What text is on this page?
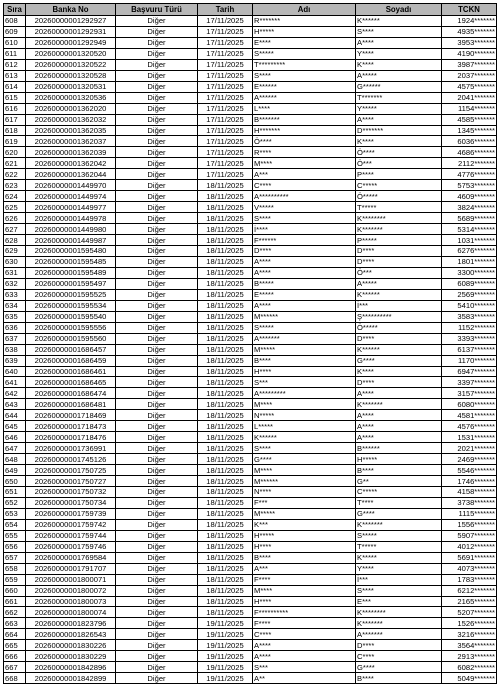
Sıra	Banka No	Başvuru Türü	Tarih	Adı	Soyadı	TCKN
608	20260000001292927	Diğer	17/11/2025	R*******	K******	1924*******
609	20260000001292931	Diğer	17/11/2025	H*****	S****	4935*******
610	20260000001292949	Diğer	17/11/2025	E****	A****	3953*******
611	20260000001320520	Diğer	17/11/2025	S*****	Y****	4190*******
612	20260000001320522	Diğer	17/11/2025	T*********	K****	3987*******
613	20260000001320528	Diğer	17/11/2025	S****	A*****	2037*******
614	20260000001320531	Diğer	17/11/2025	E******	G******	4575*******
615	20260000001320536	Diğer	17/11/2025	A******	T*******	2041*******
616	20260000001362020	Diğer	17/11/2025	L****	Y*****	1154*******
617	20260000001362032	Diğer	17/11/2025	B*******	A****	4585*******
618	20260000001362035	Diğer	17/11/2025	H*******	D*******	1345*******
619	20260000001362037	Diğer	17/11/2025	Ö****	K****	6036*******
620	20260000001362039	Diğer	17/11/2025	R****	Ö****	4686*******
621	20260000001362042	Diğer	17/11/2025	M****	Ö***	2112*******
622	20260000001362044	Diğer	17/11/2025	A***	P****	4776*******
623	20260000001449970	Diğer	18/11/2025	C****	C*****	5753*******
624	20260000001449974	Diğer	18/11/2025	A**********	Ö*****	4609*******
625	20260000001449977	Diğer	18/11/2025	V*****	T*****	3824*******
626	20260000001449978	Diğer	18/11/2025	S****	K********	5689*******
627	20260000001449980	Diğer	18/11/2025	İ****	K*******	5314*******
628	20260000001449987	Diğer	18/11/2025	F******	P*****	1031*******
629	20260000001595480	Diğer	18/11/2025	D****	D****	6276*******
630	20260000001595485	Diğer	18/11/2025	A****	D****	1801*******
631	20260000001595489	Diğer	18/11/2025	A****	Ö***	3300*******
632	20260000001595497	Diğer	18/11/2025	B*****	A*****	6089*******
633	20260000001595525	Diğer	18/11/2025	E*****	K******	2569*******
634	20260000001595534	Diğer	18/11/2025	A****	İ***	5410*******
635	20260000001595540	Diğer	18/11/2025	M******	Ş**********	3583*******
636	20260000001595556	Diğer	18/11/2025	S*****	Ö*****	1152*******
637	20260000001595560	Diğer	18/11/2025	A*******	D****	3393*******
638	20260000001686457	Diğer	18/11/2025	M*****	K******	6137*******
639	20260000001686459	Diğer	18/11/2025	B****	G****	1170*******
640	20260000001686461	Diğer	18/11/2025	H****	K****	6947*******
641	20260000001686465	Diğer	18/11/2025	S***	D****	3397*******
642	20260000001686474	Diğer	18/11/2025	A*********	A****	3157*******
643	20260000001686481	Diğer	18/11/2025	M****	K*******	6080*******
644	20260000001718469	Diğer	18/11/2025	N*****	A****	4581*******
645	20260000001718473	Diğer	18/11/2025	L*****	A****	4576*******
646	20260000001718476	Diğer	18/11/2025	K******	A****	1531*******
647	20260000001736991	Diğer	18/11/2025	S****	B******	2021*******
648	20260000001745126	Diğer	18/11/2025	G****	H*****	2469*******
649	20260000001750725	Diğer	18/11/2025	M****	B****	5546*******
650	20260000001750727	Diğer	18/11/2025	M******	G**	1746*******
651	20260000001750732	Diğer	18/11/2025	N****	C*****	4158*******
652	20260000001750734	Diğer	18/11/2025	F***	T****	3738*******
653	20260000001759739	Diğer	18/11/2025	M*****	G****	1115*******
654	20260000001759742	Diğer	18/11/2025	K***	K*******	1556*******
655	20260000001759744	Diğer	18/11/2025	H*****	S*****	5907*******
656	20260000001759746	Diğer	18/11/2025	H****	T*****	4012*******
657	20260000001769584	Diğer	18/11/2025	B****	K*****	5691*******
658	20260000001791707	Diğer	18/11/2025	A***	Y****	4073*******
659	20260000001800071	Diğer	18/11/2025	F****	İ***	1783*******
660	20260000001800072	Diğer	18/11/2025	M****	S****	6212*******
661	20260000001800073	Diğer	18/11/2025	H****	E***	2165*******
662	20260000001800074	Diğer	18/11/2025	F**********	K********	5207*******
663	20260000001823796	Diğer	19/11/2025	F****	K*******	1526*******
664	20260000001826543	Diğer	19/11/2025	C****	A*******	3216*******
665	20260000001830226	Diğer	19/11/2025	A****	D****	3564*******
666	20260000001830229	Diğer	19/11/2025	A****	C****	2913*******
667	20260000001842896	Diğer	19/11/2025	S***	G****	6082*******
668	20260000001842899	Diğer	19/11/2025	A**	B****	5049*******
